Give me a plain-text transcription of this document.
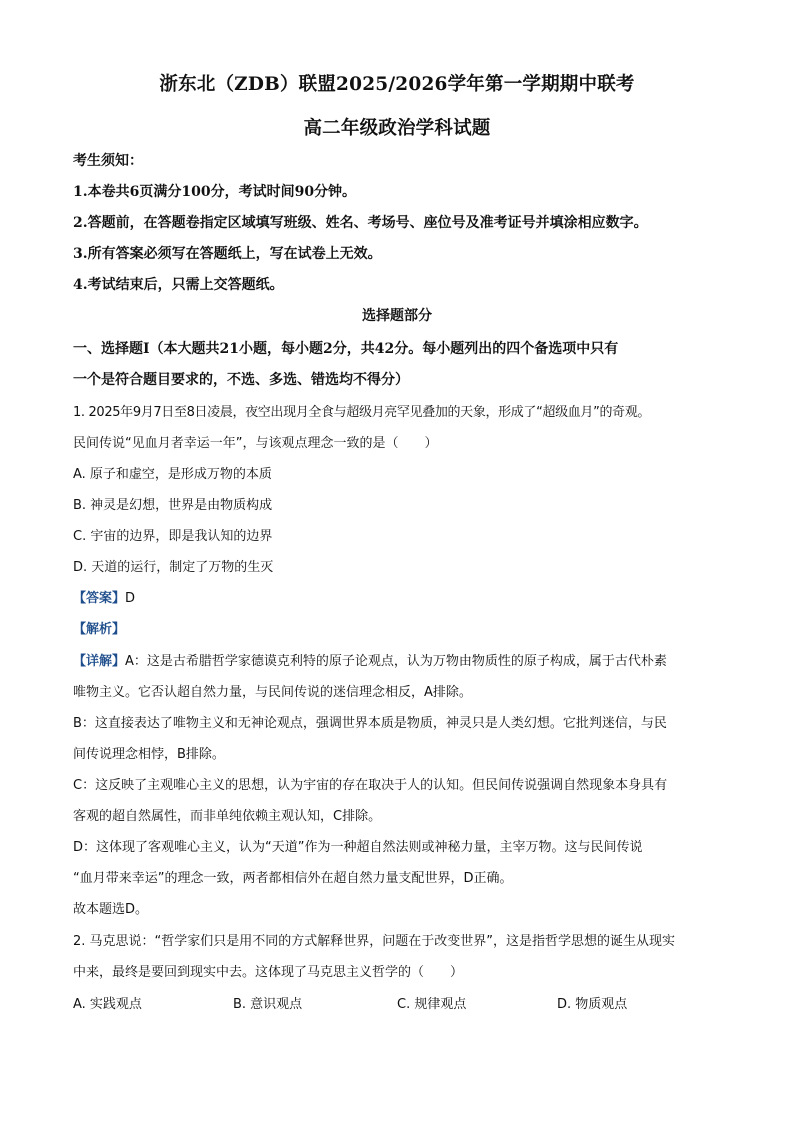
浙东北（ZDB）联盟2025/2026学年第一学期期中联考
高二年级政治学科试题
考生须知：
1.本卷共6页满分100分，考试时间90分钟。
2.答题前，在答题卷指定区域填写班级、姓名、考场号、座位号及准考证号并填涂相应数字。
3.所有答案必须写在答题纸上，写在试卷上无效。
4.考试结束后，只需上交答题纸。
选择题部分
一、选择题Ⅰ（本大题共21小题，每小题2分，共42分。每小题列出的四个备选项中只有
一个是符合题目要求的，不选、多选、错选均不得分）
1. 2025年9月7日至8日凌晨，夜空出现月全食与超级月亮罕见叠加的天象，形成了“超级血月”的奇观。
民间传说“见血月者幸运一年”，与该观点理念一致的是（　　）
A. 原子和虚空，是形成万物的本质
B. 神灵是幻想，世界是由物质构成
C. 宇宙的边界，即是我认知的边界
D. 天道的运行，制定了万物的生灭
【答案】D
【解析】
【详解】A：这是古希腊哲学家德谟克利特的原子论观点，认为万物由物质性的原子构成，属于古代朴素
唯物主义。它否认超自然力量，与民间传说的迷信理念相反，A排除。
B：这直接表达了唯物主义和无神论观点，强调世界本质是物质，神灵只是人类幻想。它批判迷信，与民
间传说理念相悖，B排除。
C：这反映了主观唯心主义的思想，认为宇宙的存在取决于人的认知。但民间传说强调自然现象本身具有
客观的超自然属性，而非单纯依赖主观认知，C排除。
D：这体现了客观唯心主义，认为“天道”作为一种超自然法则或神秘力量，主宰万物。这与民间传说
“血月带来幸运”的理念一致，两者都相信外在超自然力量支配世界，D正确。
故本题选D。
2. 马克思说：“哲学家们只是用不同的方式解释世界，问题在于改变世界”，这是指哲学思想的诞生从现实
中来，最终是要回到现实中去。这体现了马克思主义哲学的（　　）
A. 实践观点	B. 意识观点	C. 规律观点	D. 物质观点
